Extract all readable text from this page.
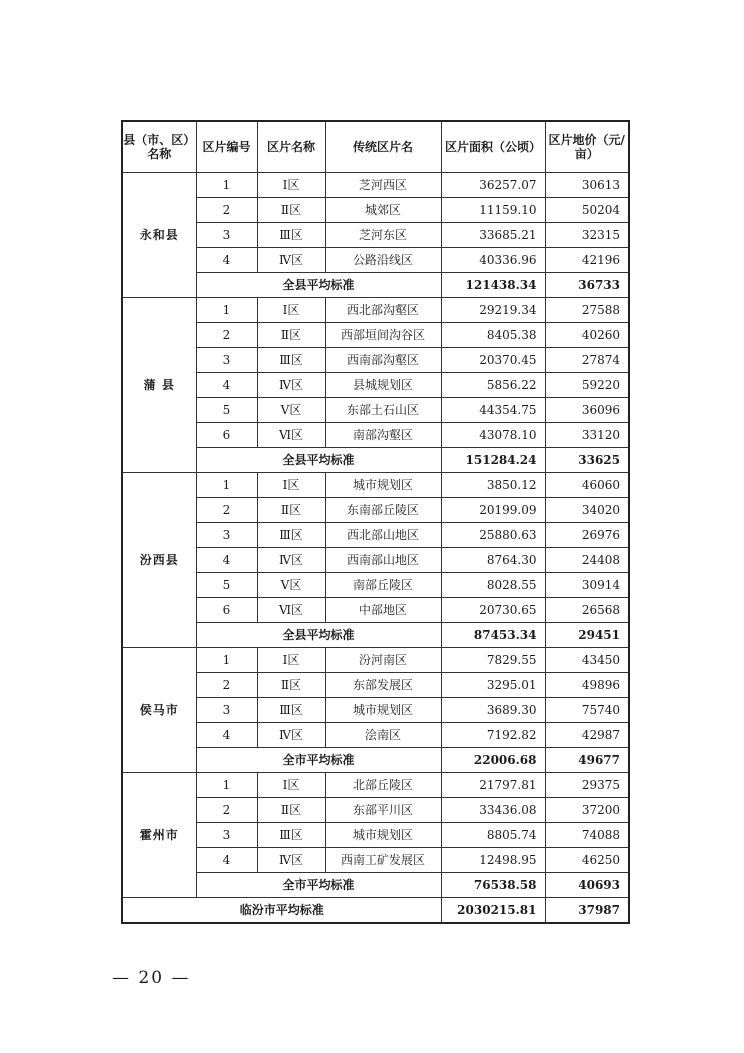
县（市、区）名称	区片编号	区片名称	传统区片名	区片面积（公顷）	区片地价（元/亩）
永和县	1	Ⅰ区	芝河西区	36257.07	30613
	2	Ⅱ区	城郊区	11159.10	50204
	3	Ⅲ区	芝河东区	33685.21	32315
	4	Ⅳ区	公路沿线区	40336.96	42196
	全县平均标准			121438.34	36733
蒲 县	1	Ⅰ区	西北部沟壑区	29219.34	27588
	2	Ⅱ区	西部垣间沟谷区	8405.38	40260
	3	Ⅲ区	西南部沟壑区	20370.45	27874
	4	Ⅳ区	县城规划区	5856.22	59220
	5	Ⅴ区	东部土石山区	44354.75	36096
	6	Ⅵ区	南部沟壑区	43078.10	33120
	全县平均标准			151284.24	33625
汾西县	1	Ⅰ区	城市规划区	3850.12	46060
	2	Ⅱ区	东南部丘陵区	20199.09	34020
	3	Ⅲ区	西北部山地区	25880.63	26976
	4	Ⅳ区	西南部山地区	8764.30	24408
	5	Ⅴ区	南部丘陵区	8028.55	30914
	6	Ⅵ区	中部地区	20730.65	26568
	全县平均标准			87453.34	29451
侯马市	1	Ⅰ区	汾河南区	7829.55	43450
	2	Ⅱ区	东部发展区	3295.01	49896
	3	Ⅲ区	城市规划区	3689.30	75740
	4	Ⅳ区	浍南区	7192.82	42987
	全市平均标准			22006.68	49677
霍州市	1	Ⅰ区	北部丘陵区	21797.81	29375
	2	Ⅱ区	东部平川区	33436.08	37200
	3	Ⅲ区	城市规划区	8805.74	74088
	4	Ⅳ区	西南工矿发展区	12498.95	46250
	全市平均标准			76538.58	40693
临汾市平均标准				2030215.81	37987
— 20 —
